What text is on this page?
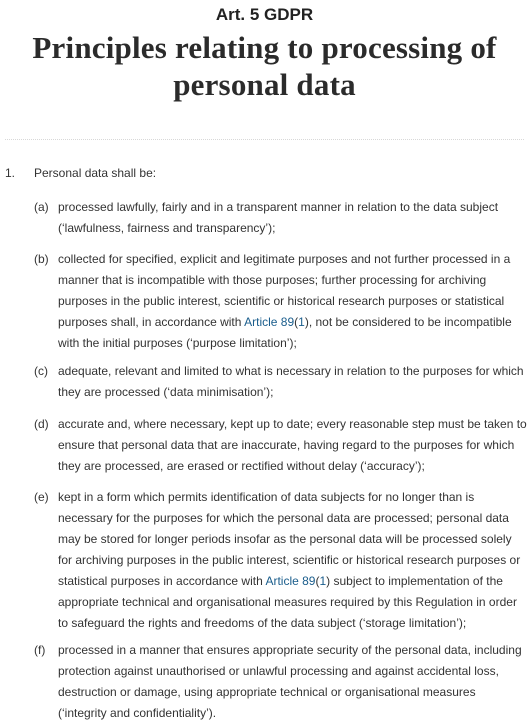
Art. 5 GDPR
Principles relating to processing of
personal data
1.	Personal data shall be:
(a) processed lawfully, fairly and in a transparent manner in relation to the data subject
(‘lawfulness, fairness and transparency’);
(b) collected for specified, explicit and legitimate purposes and not further processed in a
manner that is incompatible with those purposes; further processing for archiving
purposes in the public interest, scientific or historical research purposes or statistical
purposes shall, in accordance with Article 89(1), not be considered to be incompatible
with the initial purposes (‘purpose limitation’);
(c) adequate, relevant and limited to what is necessary in relation to the purposes for which
they are processed (‘data minimisation’);
(d) accurate and, where necessary, kept up to date; every reasonable step must be taken to
ensure that personal data that are inaccurate, having regard to the purposes for which
they are processed, are erased or rectified without delay (‘accuracy’);
(e) kept in a form which permits identification of data subjects for no longer than is
necessary for the purposes for which the personal data are processed; personal data
may be stored for longer periods insofar as the personal data will be processed solely
for archiving purposes in the public interest, scientific or historical research purposes or
statistical purposes in accordance with Article 89(1) subject to implementation of the
appropriate technical and organisational measures required by this Regulation in order
to safeguard the rights and freedoms of the data subject (‘storage limitation’);
(f)	processed in a manner that ensures appropriate security of the personal data, including
protection against unauthorised or unlawful processing and against accidental loss,
destruction or damage, using appropriate technical or organisational measures
(‘integrity and confidentiality’).
